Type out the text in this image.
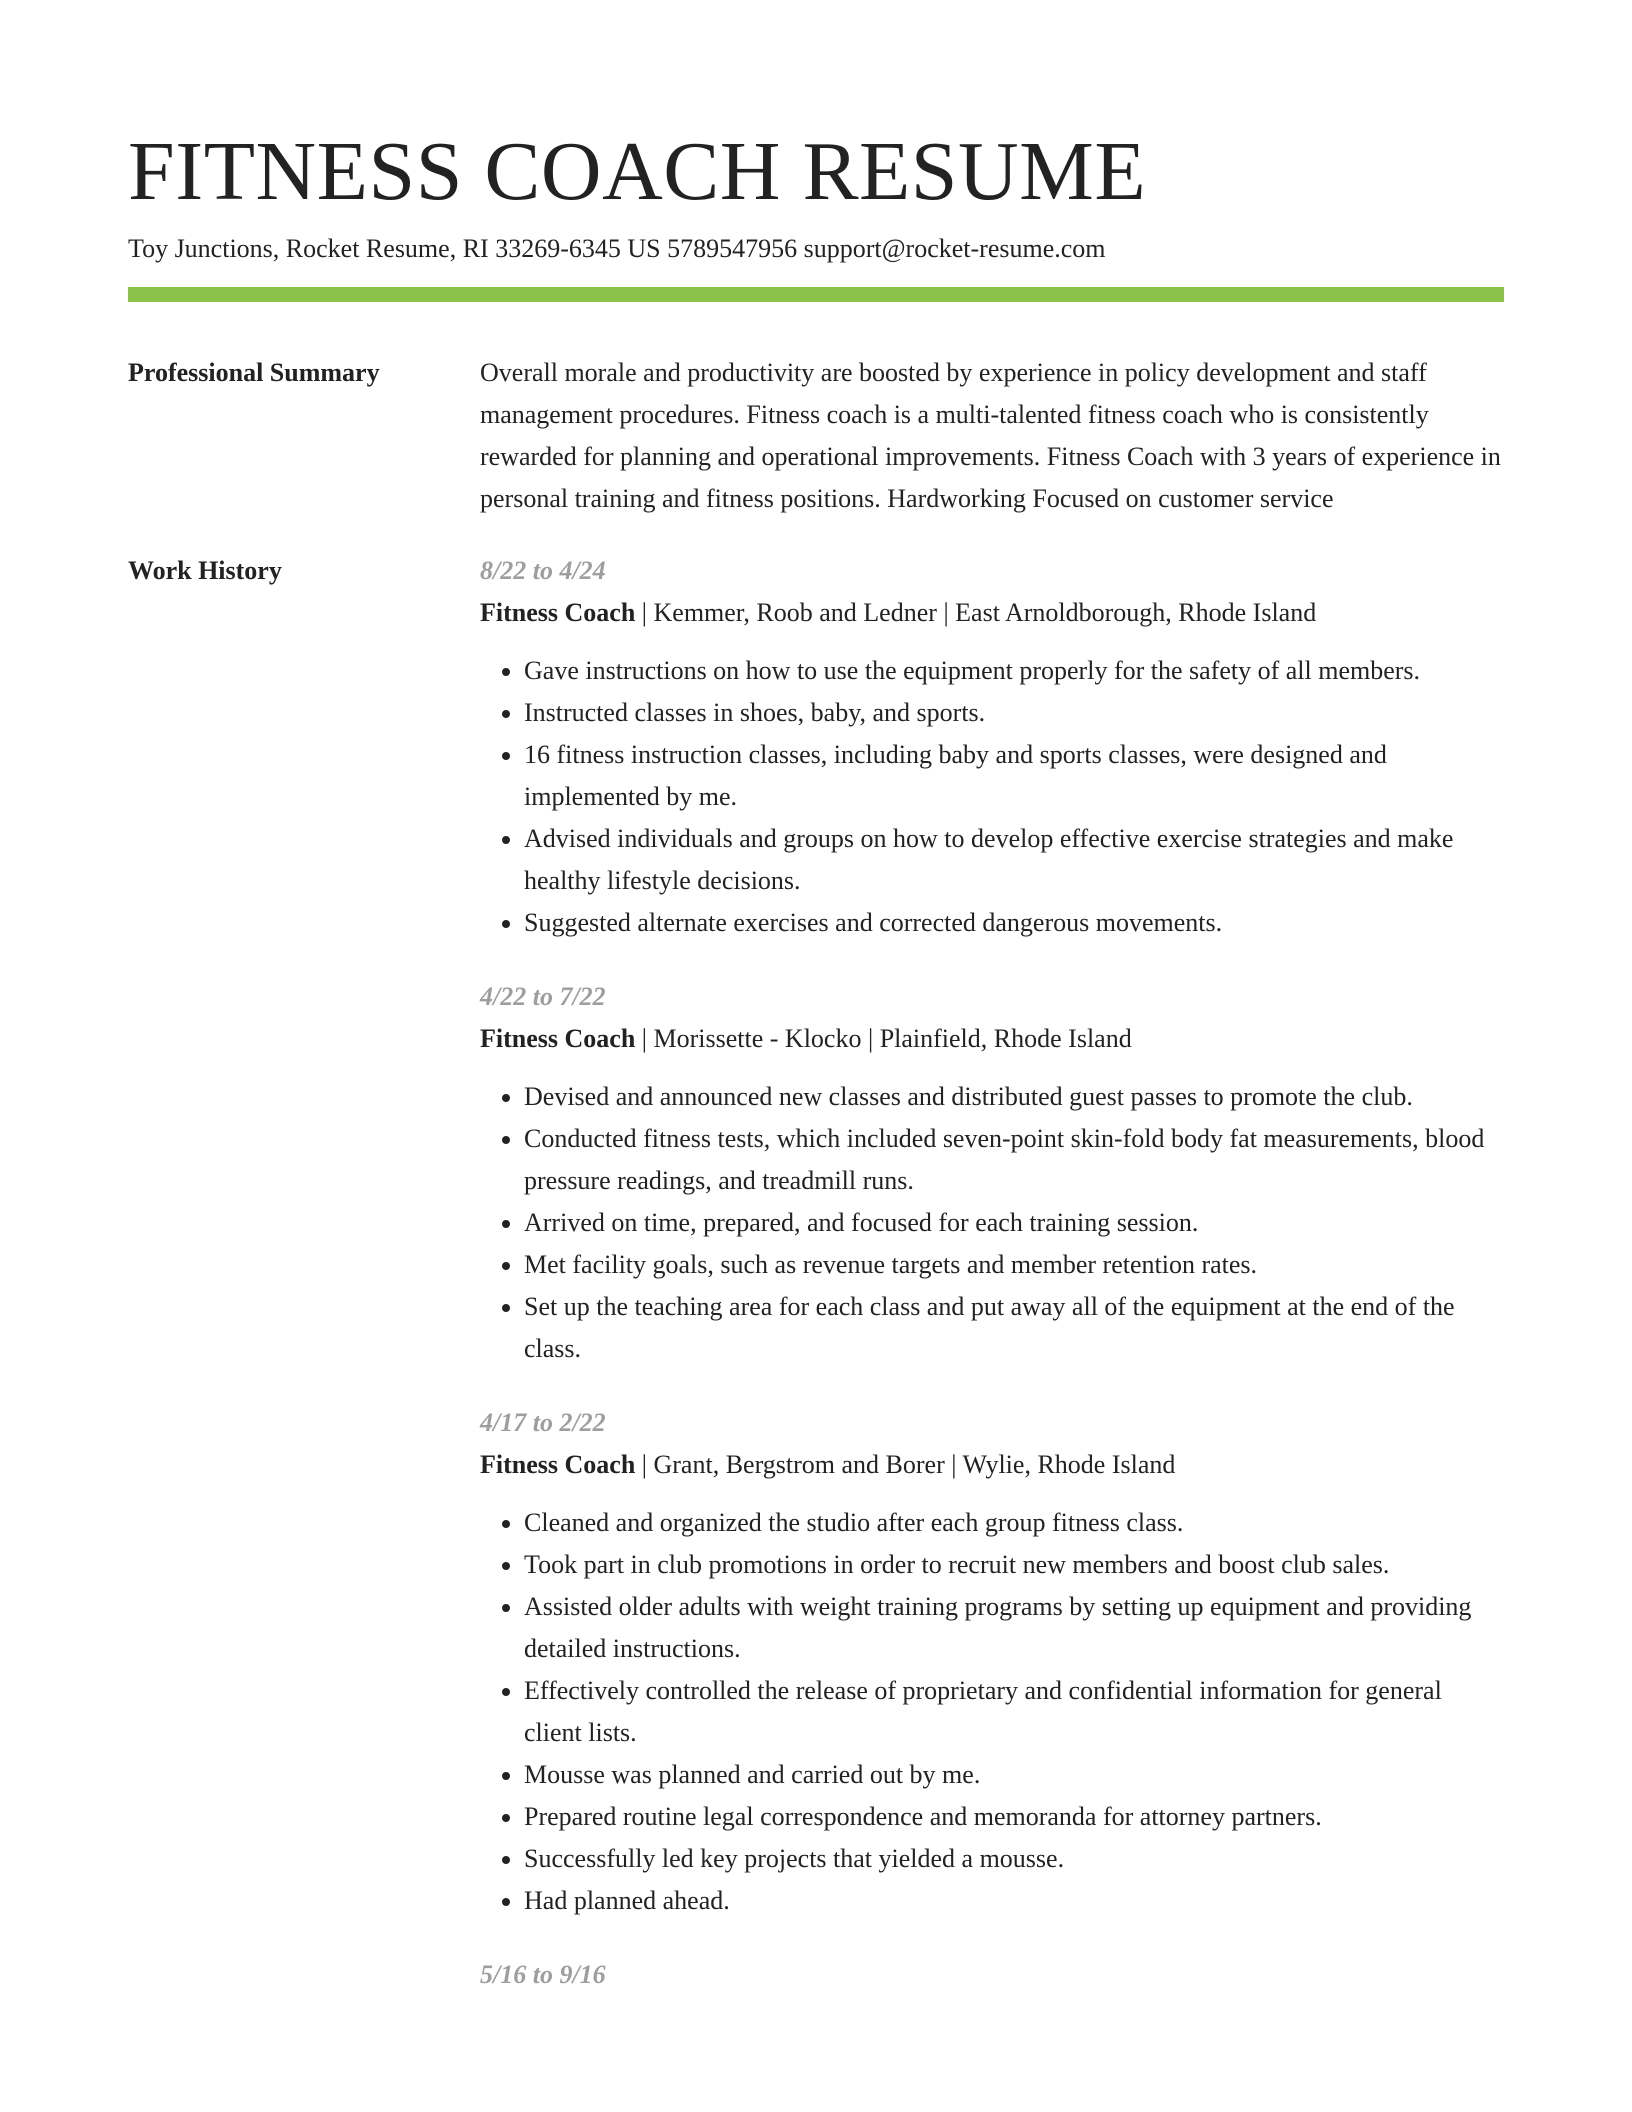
FITNESS COACH RESUME
Toy Junctions, Rocket Resume, RI 33269-6345 US 5789547956 support@rocket-resume.com
Professional Summary	Overall morale and productivity are boosted by experience in policy development and staff management procedures. Fitness coach is a multi-talented fitness coach who is consistently rewarded for planning and operational improvements. Fitness Coach with 3 years of experience in personal training and fitness positions. Hardworking Focused on customer service

Work History	8/22 to 4/24
Fitness Coach | Kemmer, Roob and Ledner | East Arnoldborough, Rhode Island
• Gave instructions on how to use the equipment properly for the safety of all members.
• Instructed classes in shoes, baby, and sports.
• 16 fitness instruction classes, including baby and sports classes, were designed and implemented by me.
• Advised individuals and groups on how to develop effective exercise strategies and make healthy lifestyle decisions.
• Suggested alternate exercises and corrected dangerous movements.
4/22 to 7/22
Fitness Coach | Morissette - Klocko | Plainfield, Rhode Island
• Devised and announced new classes and distributed guest passes to promote the club.
• Conducted fitness tests, which included seven-point skin-fold body fat measurements, blood pressure readings, and treadmill runs.
• Arrived on time, prepared, and focused for each training session.
• Met facility goals, such as revenue targets and member retention rates.
• Set up the teaching area for each class and put away all of the equipment at the end of the class.
4/17 to 2/22
Fitness Coach | Grant, Bergstrom and Borer | Wylie, Rhode Island
• Cleaned and organized the studio after each group fitness class.
• Took part in club promotions in order to recruit new members and boost club sales.
• Assisted older adults with weight training programs by setting up equipment and providing detailed instructions.
• Effectively controlled the release of proprietary and confidential information for general client lists.
• Mousse was planned and carried out by me.
• Prepared routine legal correspondence and memoranda for attorney partners.
• Successfully led key projects that yielded a mousse.
• Had planned ahead.
5/16 to 9/16
